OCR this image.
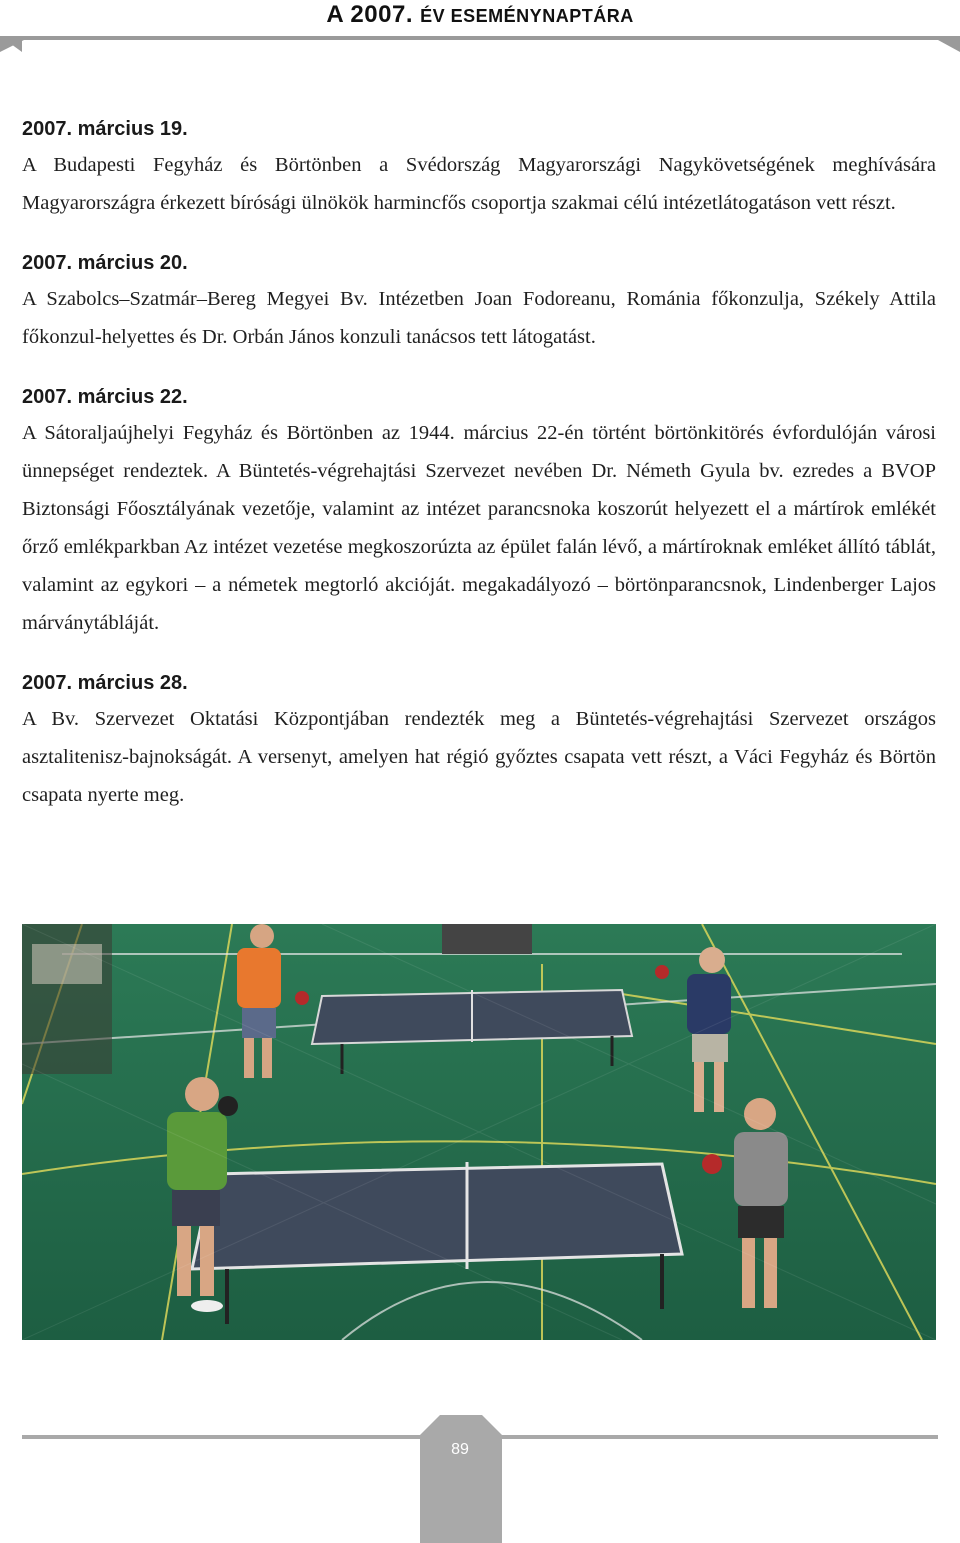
A 2007. ÉV ESEMÉNYNAPTÁRA
2007. március 19.

A Budapesti Fegyház és Börtönben a Svédország Magyarországi Nagykövetségének meghívására Magyarországra érkezett bírósági ülnökök harmincfős csoportja szakmai célú intézetlátogatáson vett részt.

2007. március 20.

A Szabolcs–Szatmár–Bereg Megyei Bv. Intézetben Joan Fodoreanu, Románia főkonzulja, Székely Attila főkonzul-helyettes és Dr. Orbán János konzuli tanácsos tett látogatást.

2007. március 22.

A Sátoraljaújhelyi Fegyház és Börtönben az 1944. március 22-én történt börtönkitörés évfordulóján városi ünnepséget rendeztek. A Büntetés-végrehajtási Szervezet nevében Dr. Németh Gyula bv. ezredes a BVOP Biztonsági Főosztályának vezetője, valamint az intézet parancsnoka koszorút helyezett el a mártírok emlékét őrző emlékparkban Az intézet vezetése megkoszorúzta az épület falán lévő, a mártíroknak emléket állító táblát, valamint az egykori – a németek megtorló akcióját. megakadályozó – börtönparancsnok, Lindenberger Lajos márványtábláját.

2007. március 28.

A Bv. Szervezet Oktatási Központjában rendezték meg a Büntetés-végrehajtási Szervezet országos asztalitenisz-bajnokságát. A versenyt, amelyen hat régió győztes csapata vett részt, a Váci Fegyház és Börtön csapata nyerte meg.

89
